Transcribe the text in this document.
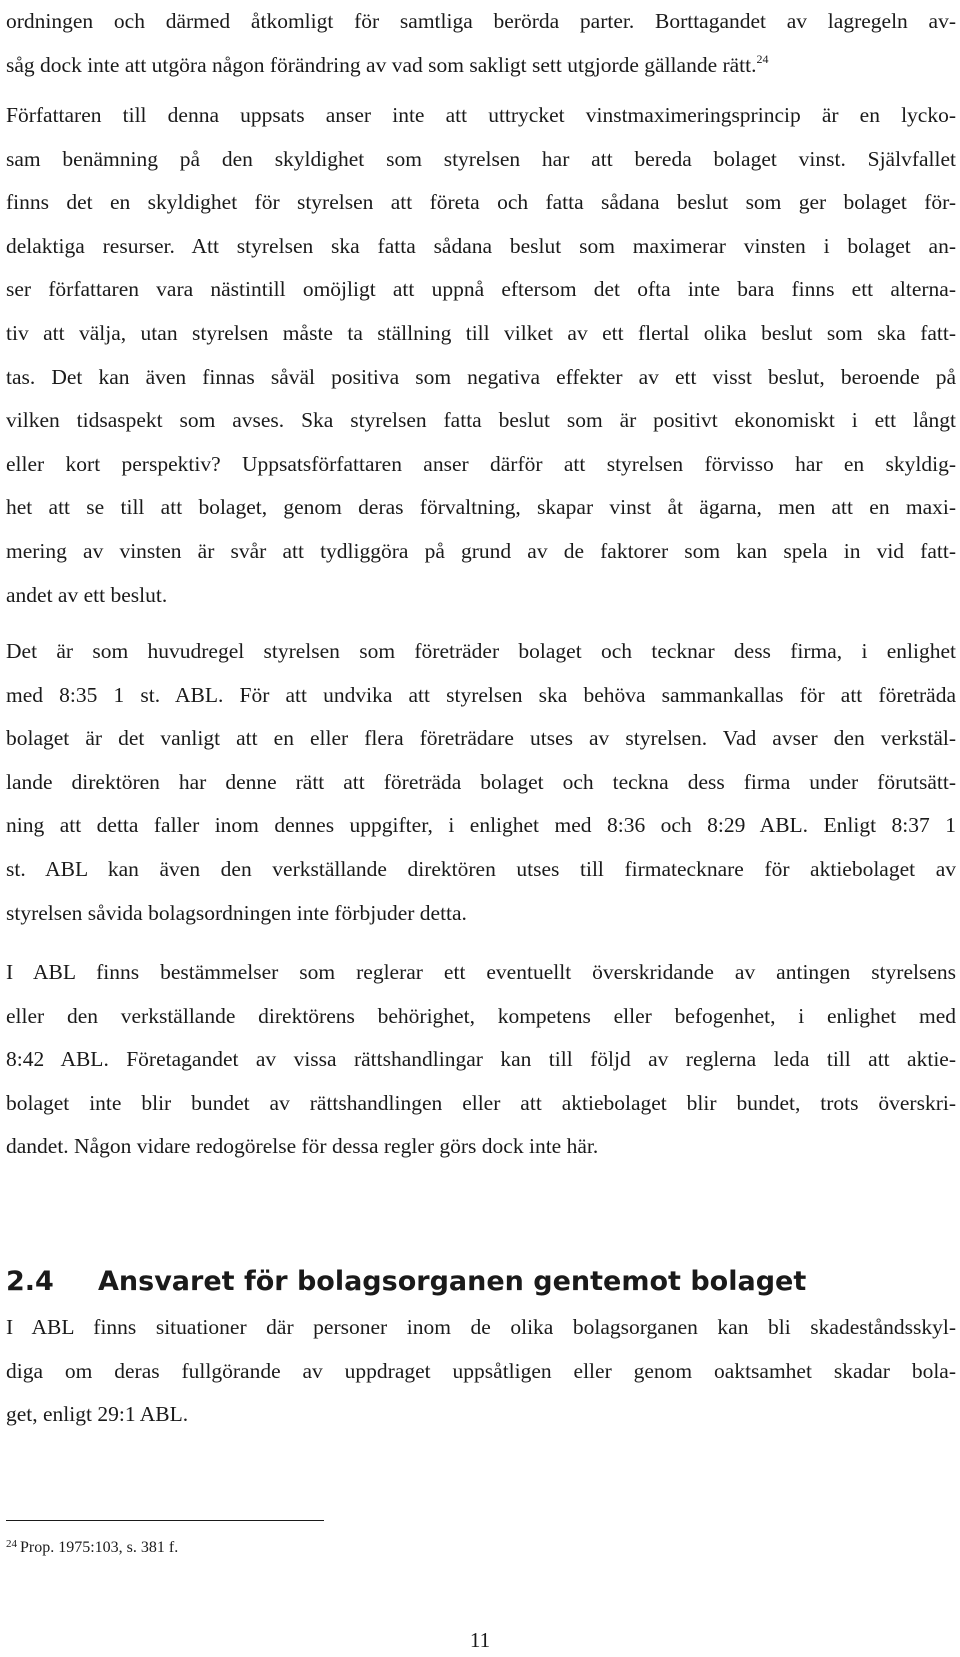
ordningen och därmed åtkomligt för samtliga berörda parter. Borttagandet av lagregeln av-
såg dock inte att utgöra någon förändring av vad som sakligt sett utgjorde gällande rätt.$^{24}$
Författaren till denna uppsats anser inte att uttrycket vinstmaximeringsprincip är en lycko-
sam benämning på den skyldighet som styrelsen har att bereda bolaget vinst. Självfallet
finns det en skyldighet för styrelsen att företa och fatta sådana beslut som ger bolaget för-
delaktiga resurser. Att styrelsen ska fatta sådana beslut som maximerar vinsten i bolaget an-
ser författaren vara nästintill omöjligt att uppnå eftersom det ofta inte bara finns ett alterna-
tiv att välja, utan styrelsen måste ta ställning till vilket av ett flertal olika beslut som ska fatt-
tas. Det kan även finnas såväl positiva som negativa effekter av ett visst beslut, beroende på
vilken tidsaspekt som avses. Ska styrelsen fatta beslut som är positivt ekonomiskt i ett långt
eller kort perspektiv? Uppsatsförfattaren anser därför att styrelsen förvisso har en skyldig-
het att se till att bolaget, genom deras förvaltning, skapar vinst åt ägarna, men att en maxi-
mering av vinsten är svår att tydliggöra på grund av de faktorer som kan spela in vid fatt-
andet av ett beslut.
Det är som huvudregel styrelsen som företräder bolaget och tecknar dess firma, i enlighet
med 8:35 1 st. ABL. För att undvika att styrelsen ska behöva sammankallas för att företräda
bolaget är det vanligt att en eller flera företrädare utses av styrelsen. Vad avser den verkstäl-
lande direktören har denne rätt att företräda bolaget och teckna dess firma under förutsätt-
ning att detta faller inom dennes uppgifter, i enlighet med 8:36 och 8:29 ABL. Enligt 8:37 1
st. ABL kan även den verkställande direktören utses till firmatecknare för aktiebolaget av
styrelsen såvida bolagsordningen inte förbjuder detta.
I ABL finns bestämmelser som reglerar ett eventuellt överskridande av antingen styrelsens
eller den verkställande direktörens behörighet, kompetens eller befogenhet, i enlighet med
8:42 ABL. Företagandet av vissa rättshandlingar kan till följd av reglerna leda till att aktie-
bolaget inte blir bundet av rättshandlingen eller att aktiebolaget blir bundet, trots överskri-
dandet. Någon vidare redogörelse för dessa regler görs dock inte här.
2.4	Ansvaret för bolagsorganen gentemot bolaget
I ABL finns situationer där personer inom de olika bolagsorganen kan bli skadeståndsskyl-
diga om deras fullgörande av uppdraget uppsåtligen eller genom oaktsamhet skadar bola-
get, enligt 29:1 ABL.
$^{24}$ Prop. 1975:103, s. 381 f.
11
